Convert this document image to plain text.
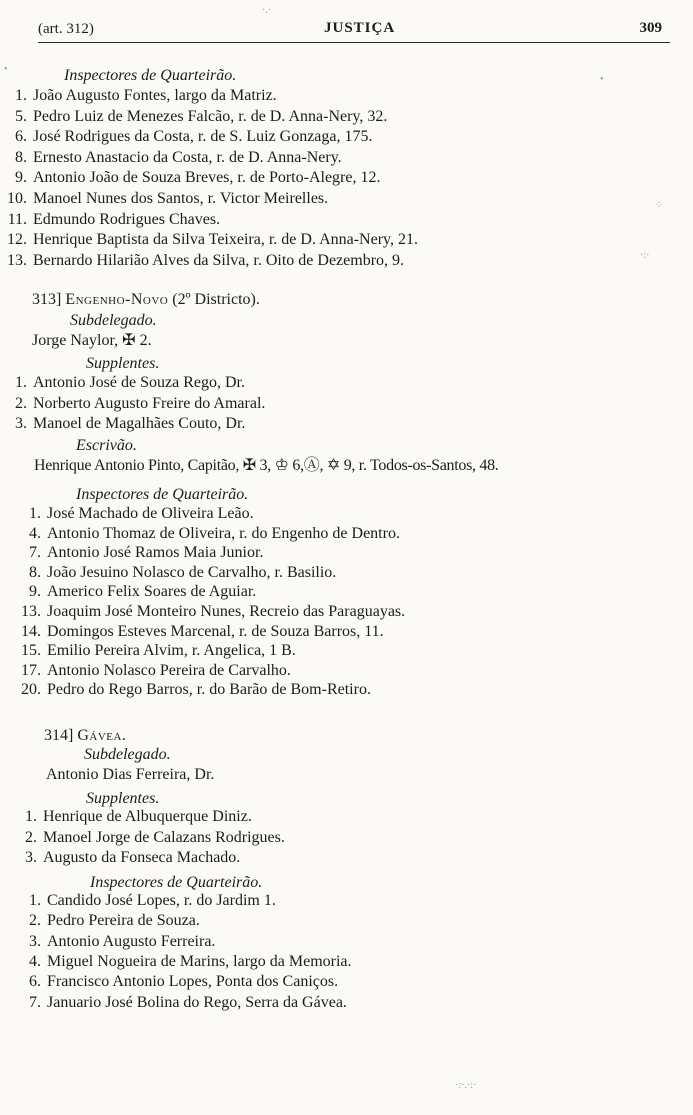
(art. 312)	JUSTIÇA	309
Inspectores de Quarteirão.
1. João Augusto Fontes, largo da Matriz.
5. Pedro Luiz de Menezes Falcão, r. de D. Anna-Nery, 32.
6. José Rodrigues da Costa, r. de S. Luiz Gonzaga, 175.
8. Ernesto Anastacio da Costa, r. de D. Anna-Nery.
9. Antonio João de Souza Breves, r. de Porto-Alegre, 12.
10. Manoel Nunes dos Santos, r. Victor Meirelles.
11. Edmundo Rodrigues Chaves.
12. Henrique Baptista da Silva Teixeira, r. de D. Anna-Nery, 21.
13. Bernardo Hilarião Alves da Silva, r. Oito de Dezembro, 9.
313] Engenho-Novo (2º Districto).
Subdelegado.
Jorge Naylor, ✠ 2.
Supplentes.
1. Antonio José de Souza Rego, Dr.
2. Norberto Augusto Freire do Amaral.
3. Manoel de Magalhães Couto, Dr.
Escrivão.
Henrique Antonio Pinto, Capitão, ✠ 3, ♔ 6,Ⓐ, ✡ 9, r. Todos-os-Santos, 48.
Inspectores de Quarteirão.
1. José Machado de Oliveira Leão.
4. Antonio Thomaz de Oliveira, r. do Engenho de Dentro.
7. Antonio José Ramos Maia Junior.
8. João Jesuino Nolasco de Carvalho, r. Basilio.
9. Americo Felix Soares de Aguiar.
13. Joaquim José Monteiro Nunes, Recreio das Paraguayas.
14. Domingos Esteves Marcenal, r. de Souza Barros, 11.
15. Emilio Pereira Alvim, r. Angelica, 1 B.
17. Antonio Nolasco Pereira de Carvalho.
20. Pedro do Rego Barros, r. do Barão de Bom-Retiro.
314] Gávea.
Subdelegado.
Antonio Dias Ferreira, Dr.
Supplentes.
1. Henrique de Albuquerque Diniz.
2. Manoel Jorge de Calazans Rodrigues.
3. Augusto da Fonseca Machado.
Inspectores de Quarteirão.
1. Candido José Lopes, r. do Jardim 1.
2. Pedro Pereira de Souza.
3. Antonio Augusto Ferreira.
4. Miguel Nogueira de Marins, largo da Memoria.
6. Francisco Antonio Lopes, Ponta dos Caniços.
7. Januario José Bolina do Rego, Serra da Gávea.
·.·
•
•
⁘
·:·
·:·.·:·
